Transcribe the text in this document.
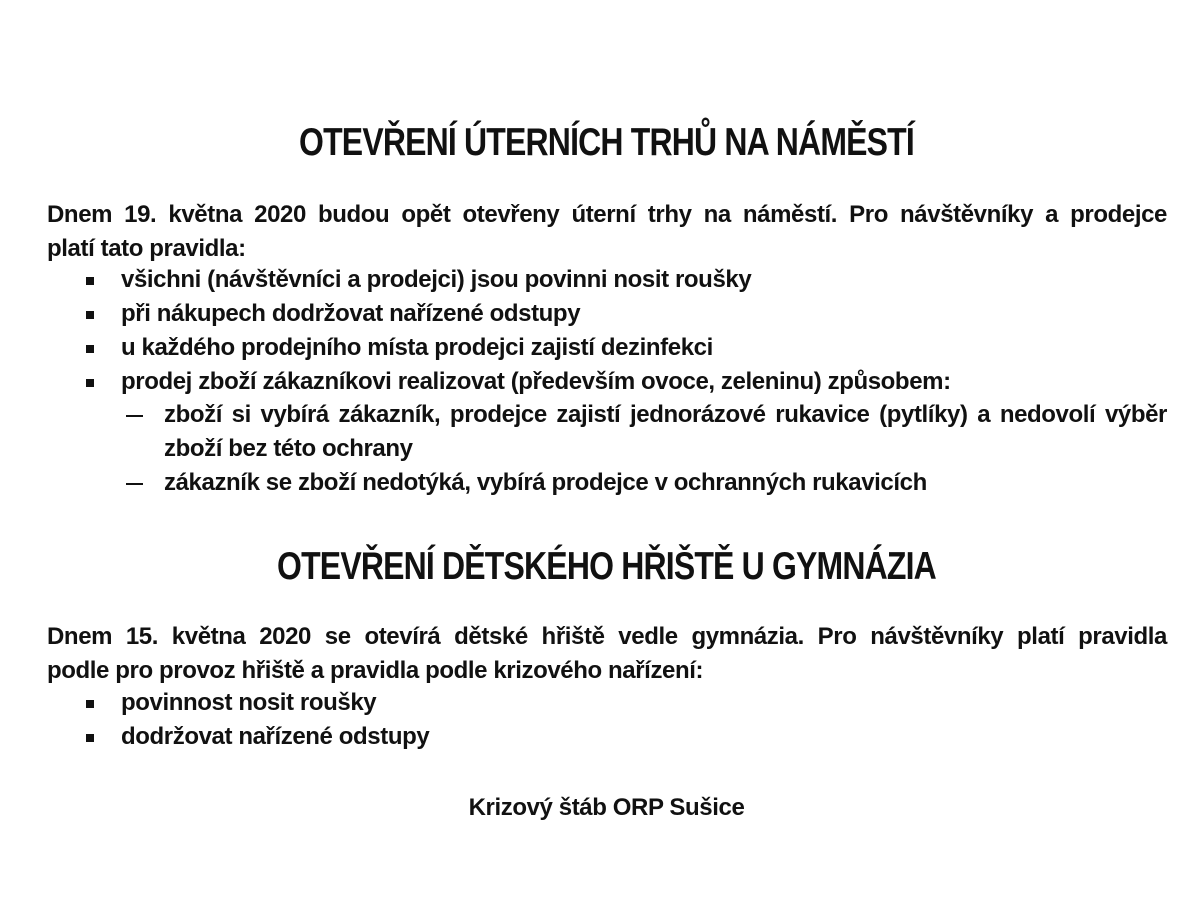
OTEVŘENÍ ÚTERNÍCH TRHŮ NA NÁMĚSTÍ
Dnem 19. května 2020 budou opět otevřeny úterní trhy na náměstí. Pro návštěvníky a prodejce
platí tato pravidla:
všichni (návštěvníci a prodejci) jsou povinni nosit roušky
při nákupech dodržovat nařízené odstupy
u každého prodejního místa prodejci zajistí dezinfekci
prodej zboží zákazníkovi realizovat (především ovoce, zeleninu) způsobem:
zboží si vybírá zákazník, prodejce zajistí jednorázové rukavice (pytlíky) a nedovolí výběr zboží bez této ochrany
zákazník se zboží nedotýká, vybírá prodejce v ochranných rukavicích
OTEVŘENÍ DĚTSKÉHO HŘIŠTĚ U GYMNÁZIA
Dnem 15. května 2020 se otevírá dětské hřiště vedle gymnázia. Pro návštěvníky platí pravidla
podle pro provoz hřiště a pravidla podle krizového nařízení:
povinnost nosit roušky
dodržovat nařízené odstupy

Krizový štáb ORP Sušice
